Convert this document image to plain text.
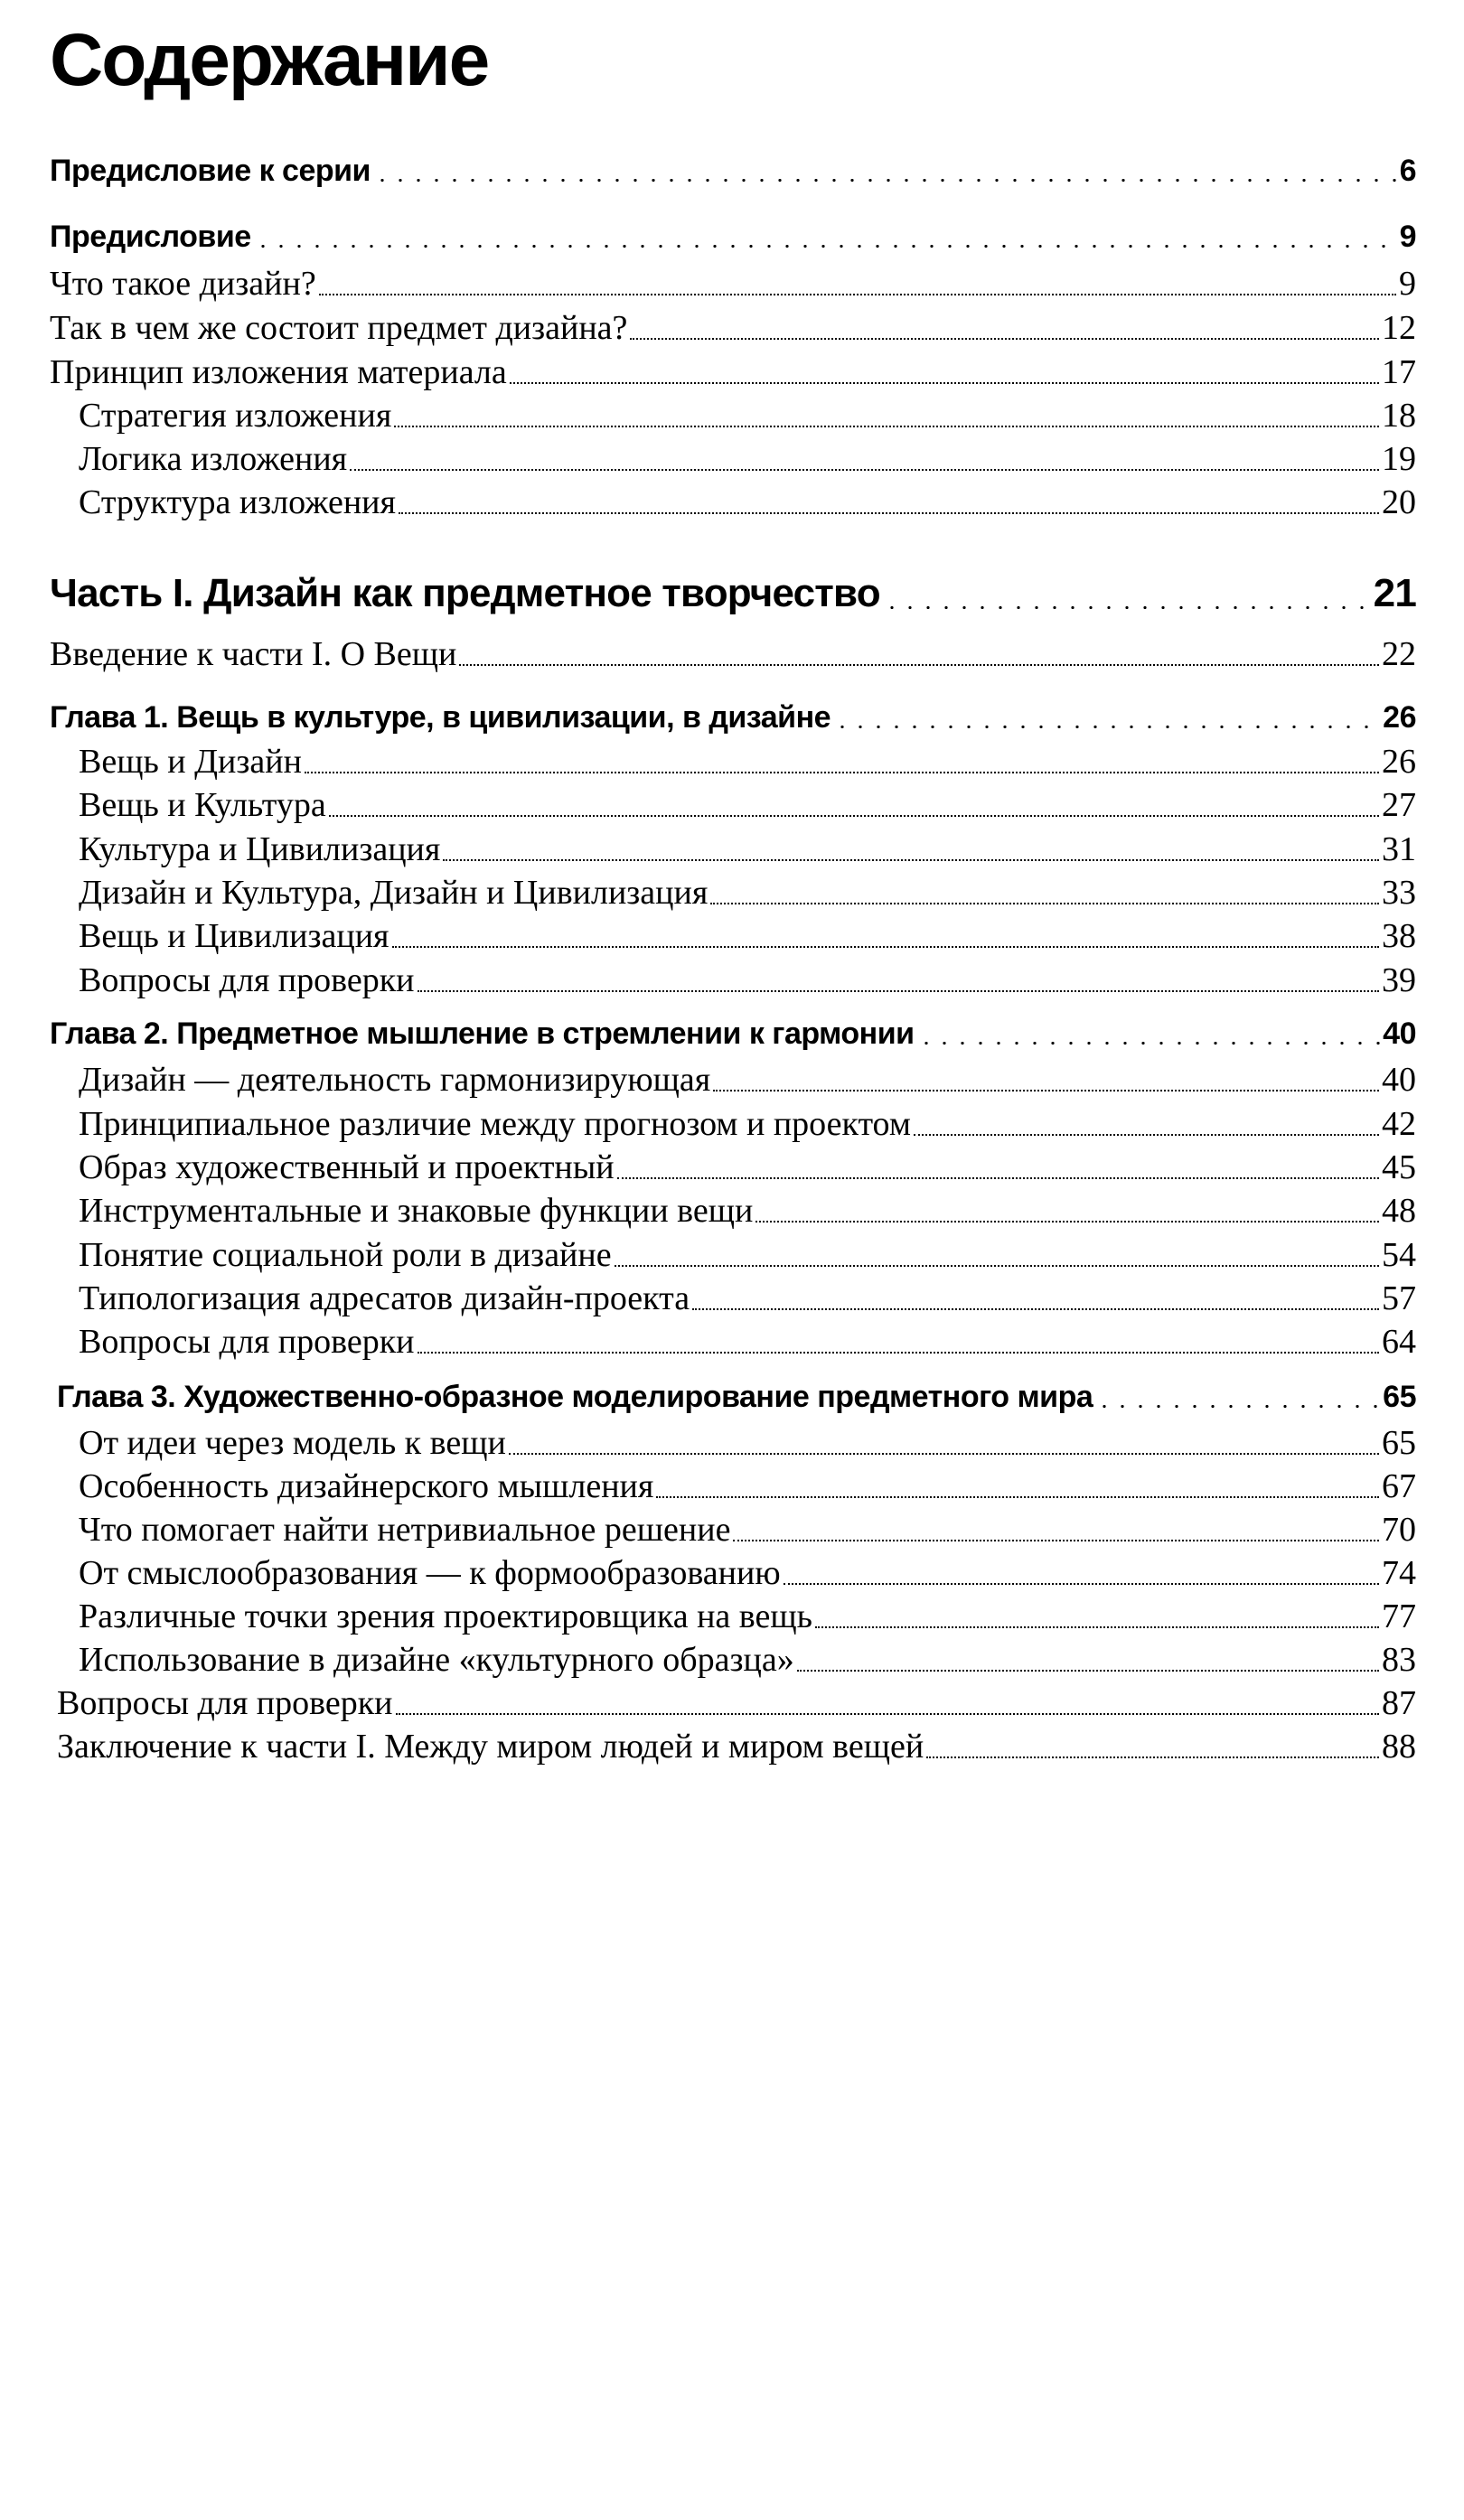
Содержание
Предисловие к серии	6
Предисловие	9
Что такое дизайн?	9
Так в чем же состоит предмет дизайна?	12
Принцип изложения материала	17
Стратегия изложения	18
Логика изложения	19
Структура изложения	20
Часть I. Дизайн как предметное творчество	21
Введение к части I. О Вещи	22
Глава 1. Вещь в культуре, в цивилизации, в дизайне	26
Вещь и Дизайн	26
Вещь и Культура	27
Культура и Цивилизация	31
Дизайн и Культура, Дизайн и Цивилизация	33
Вещь и Цивилизация	38
Вопросы для проверки	39
Глава 2. Предметное мышление в стремлении к гармонии	40
Дизайн — деятельность гармонизирующая	40
Принципиальное различие между прогнозом и проектом	42
Образ художественный и проектный	45
Инструментальные и знаковые функции вещи	48
Понятие социальной роли в дизайне	54
Типологизация адресатов дизайн-проекта	57
Вопросы для проверки	64
Глава 3. Художественно-образное моделирование предметного мира	65
От идеи через модель к вещи	65
Особенность дизайнерского мышления	67
Что помогает найти нетривиальное решение	70
От смыслообразования — к формообразованию	74
Различные точки зрения проектировщика на вещь	77
Использование в дизайне «культурного образца»	83
Вопросы для проверки	87
Заключение к части I. Между миром людей и миром вещей	88
